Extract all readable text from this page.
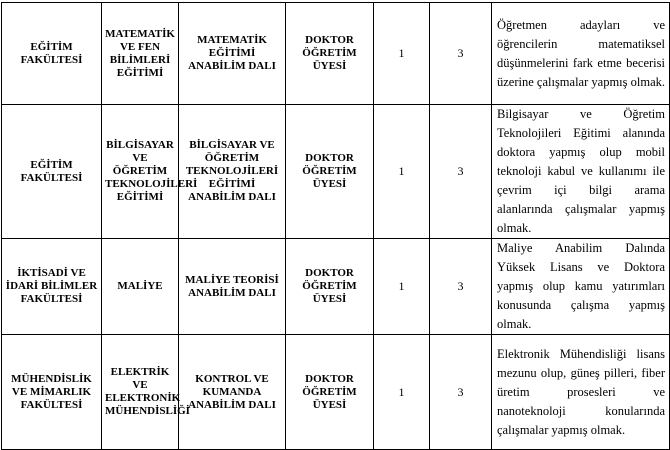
EĞİTİM FAKÜLTESİ	MATEMATİK VE FEN BİLİMLERİ EĞİTİMİ	MATEMATİK EĞİTİMİ ANABİLİM DALI	DOKTOR ÖĞRETİM ÜYESİ	1	3	Öğretmen adayları ve öğrencilerin matematiksel düşünmelerini fark etme becerisi üzerine çalışmalar yapmış olmak.

EĞİTİM FAKÜLTESİ	BİLGİSAYAR VE ÖĞRETİM TEKNOLOJİLERİ EĞİTİMİ	BİLGİSAYAR VE ÖĞRETİM TEKNOLOJİLERİ EĞİTİMİ ANABİLİM DALI	DOKTOR ÖĞRETİM ÜYESİ	1	3	Bilgisayar ve Öğretim Teknolojileri Eğitimi alanında doktora yapmış olup mobil teknoloji kabul ve kullanımı ile çevrim içi bilgi arama alanlarında çalışmalar yapmış olmak.

İKTİSADİ VE İDARİ BİLİMLER FAKÜLTESİ	MALİYE	MALİYE TEORİSİ ANABİLİM DALI	DOKTOR ÖĞRETİM ÜYESİ	1	3	Maliye Anabilim Dalında Yüksek Lisans ve Doktora yapmış olup kamu yatırımları konusunda çalışma yapmış olmak.

MÜHENDİSLİK VE MİMARLIK FAKÜLTESİ	ELEKTRİK VE ELEKTRONİK MÜHENDİSLİĞİ	KONTROL VE KUMANDA ANABİLİM DALI	DOKTOR ÖĞRETİM ÜYESİ	1	3	Elektronik Mühendisliği lisans mezunu olup, güneş pilleri, fiber üretim prosesleri ve nanoteknoloji konularında çalışmalar yapmış olmak.
